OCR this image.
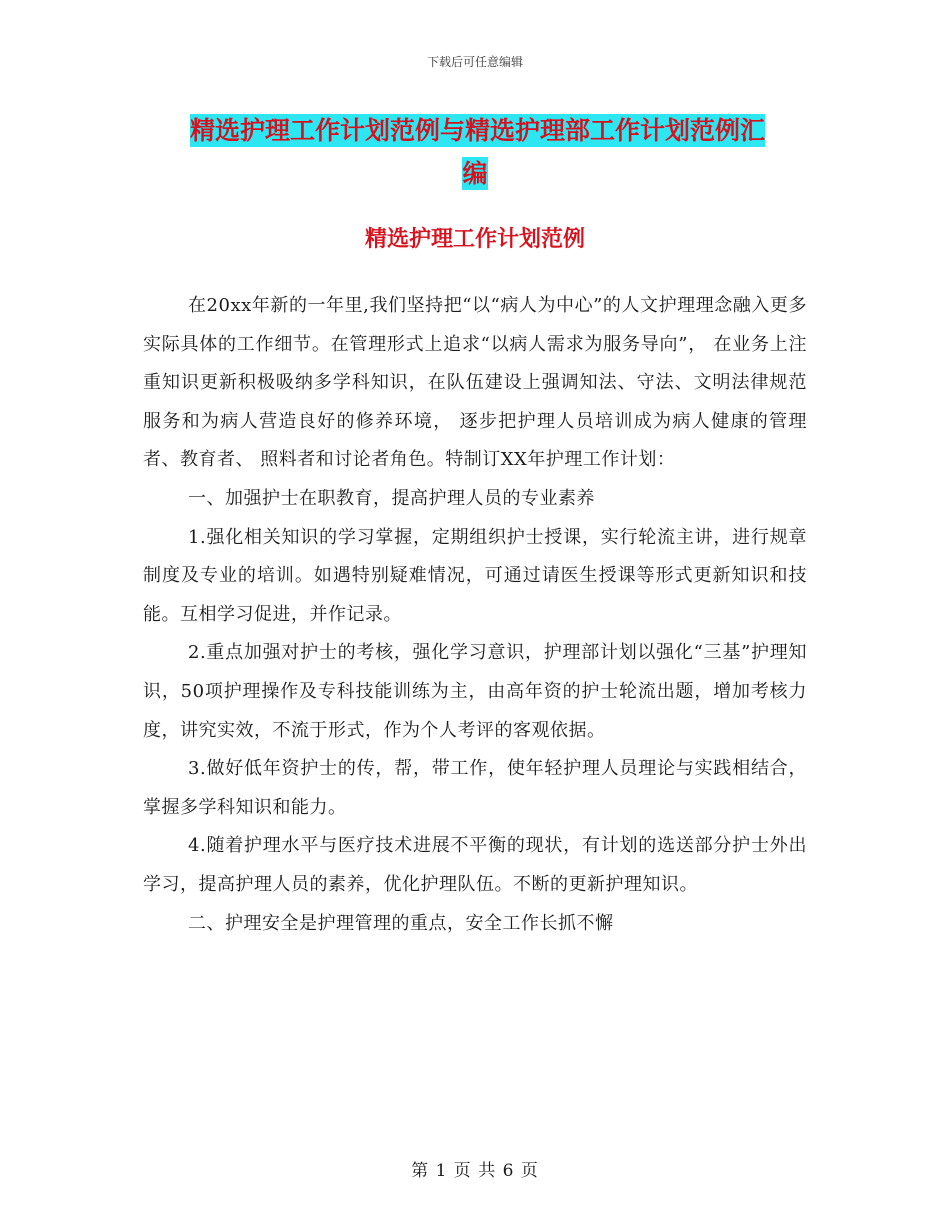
下载后可任意编辑
精选护理工作计划范例与精选护理部工作计划范例汇
编
精选护理工作计划范例

在20xx年新的一年里,我们坚持把“以“病人为中心”的人文护理理念融入更多实际具体的工作细节。在管理形式上追求“以病人需求为服务导向”， 在业务上注重知识更新积极吸纳多学科知识，在队伍建设上强调知法、守法、文明法律规范服务和为病人营造良好的修养环境， 逐步把护理人员培训成为病人健康的管理者、教育者、 照料者和讨论者角色。特制订XX年护理工作计划：

一、加强护士在职教育，提高护理人员的专业素养

1.强化相关知识的学习掌握，定期组织护士授课，实行轮流主讲，进行规章制度及专业的培训。如遇特别疑难情况，可通过请医生授课等形式更新知识和技能。互相学习促进，并作记录。

2.重点加强对护士的考核，强化学习意识，护理部计划以强化“三基”护理知识，50项护理操作及专科技能训练为主，由高年资的护士轮流出题，增加考核力度，讲究实效，不流于形式，作为个人考评的客观依据。

3.做好低年资护士的传，帮，带工作，使年轻护理人员理论与实践相结合，掌握多学科知识和能力。

4.随着护理水平与医疗技术进展不平衡的现状，有计划的选送部分护士外出学习，提高护理人员的素养，优化护理队伍。不断的更新护理知识。

二、护理安全是护理管理的重点，安全工作长抓不懈

第 1 页 共 6 页
